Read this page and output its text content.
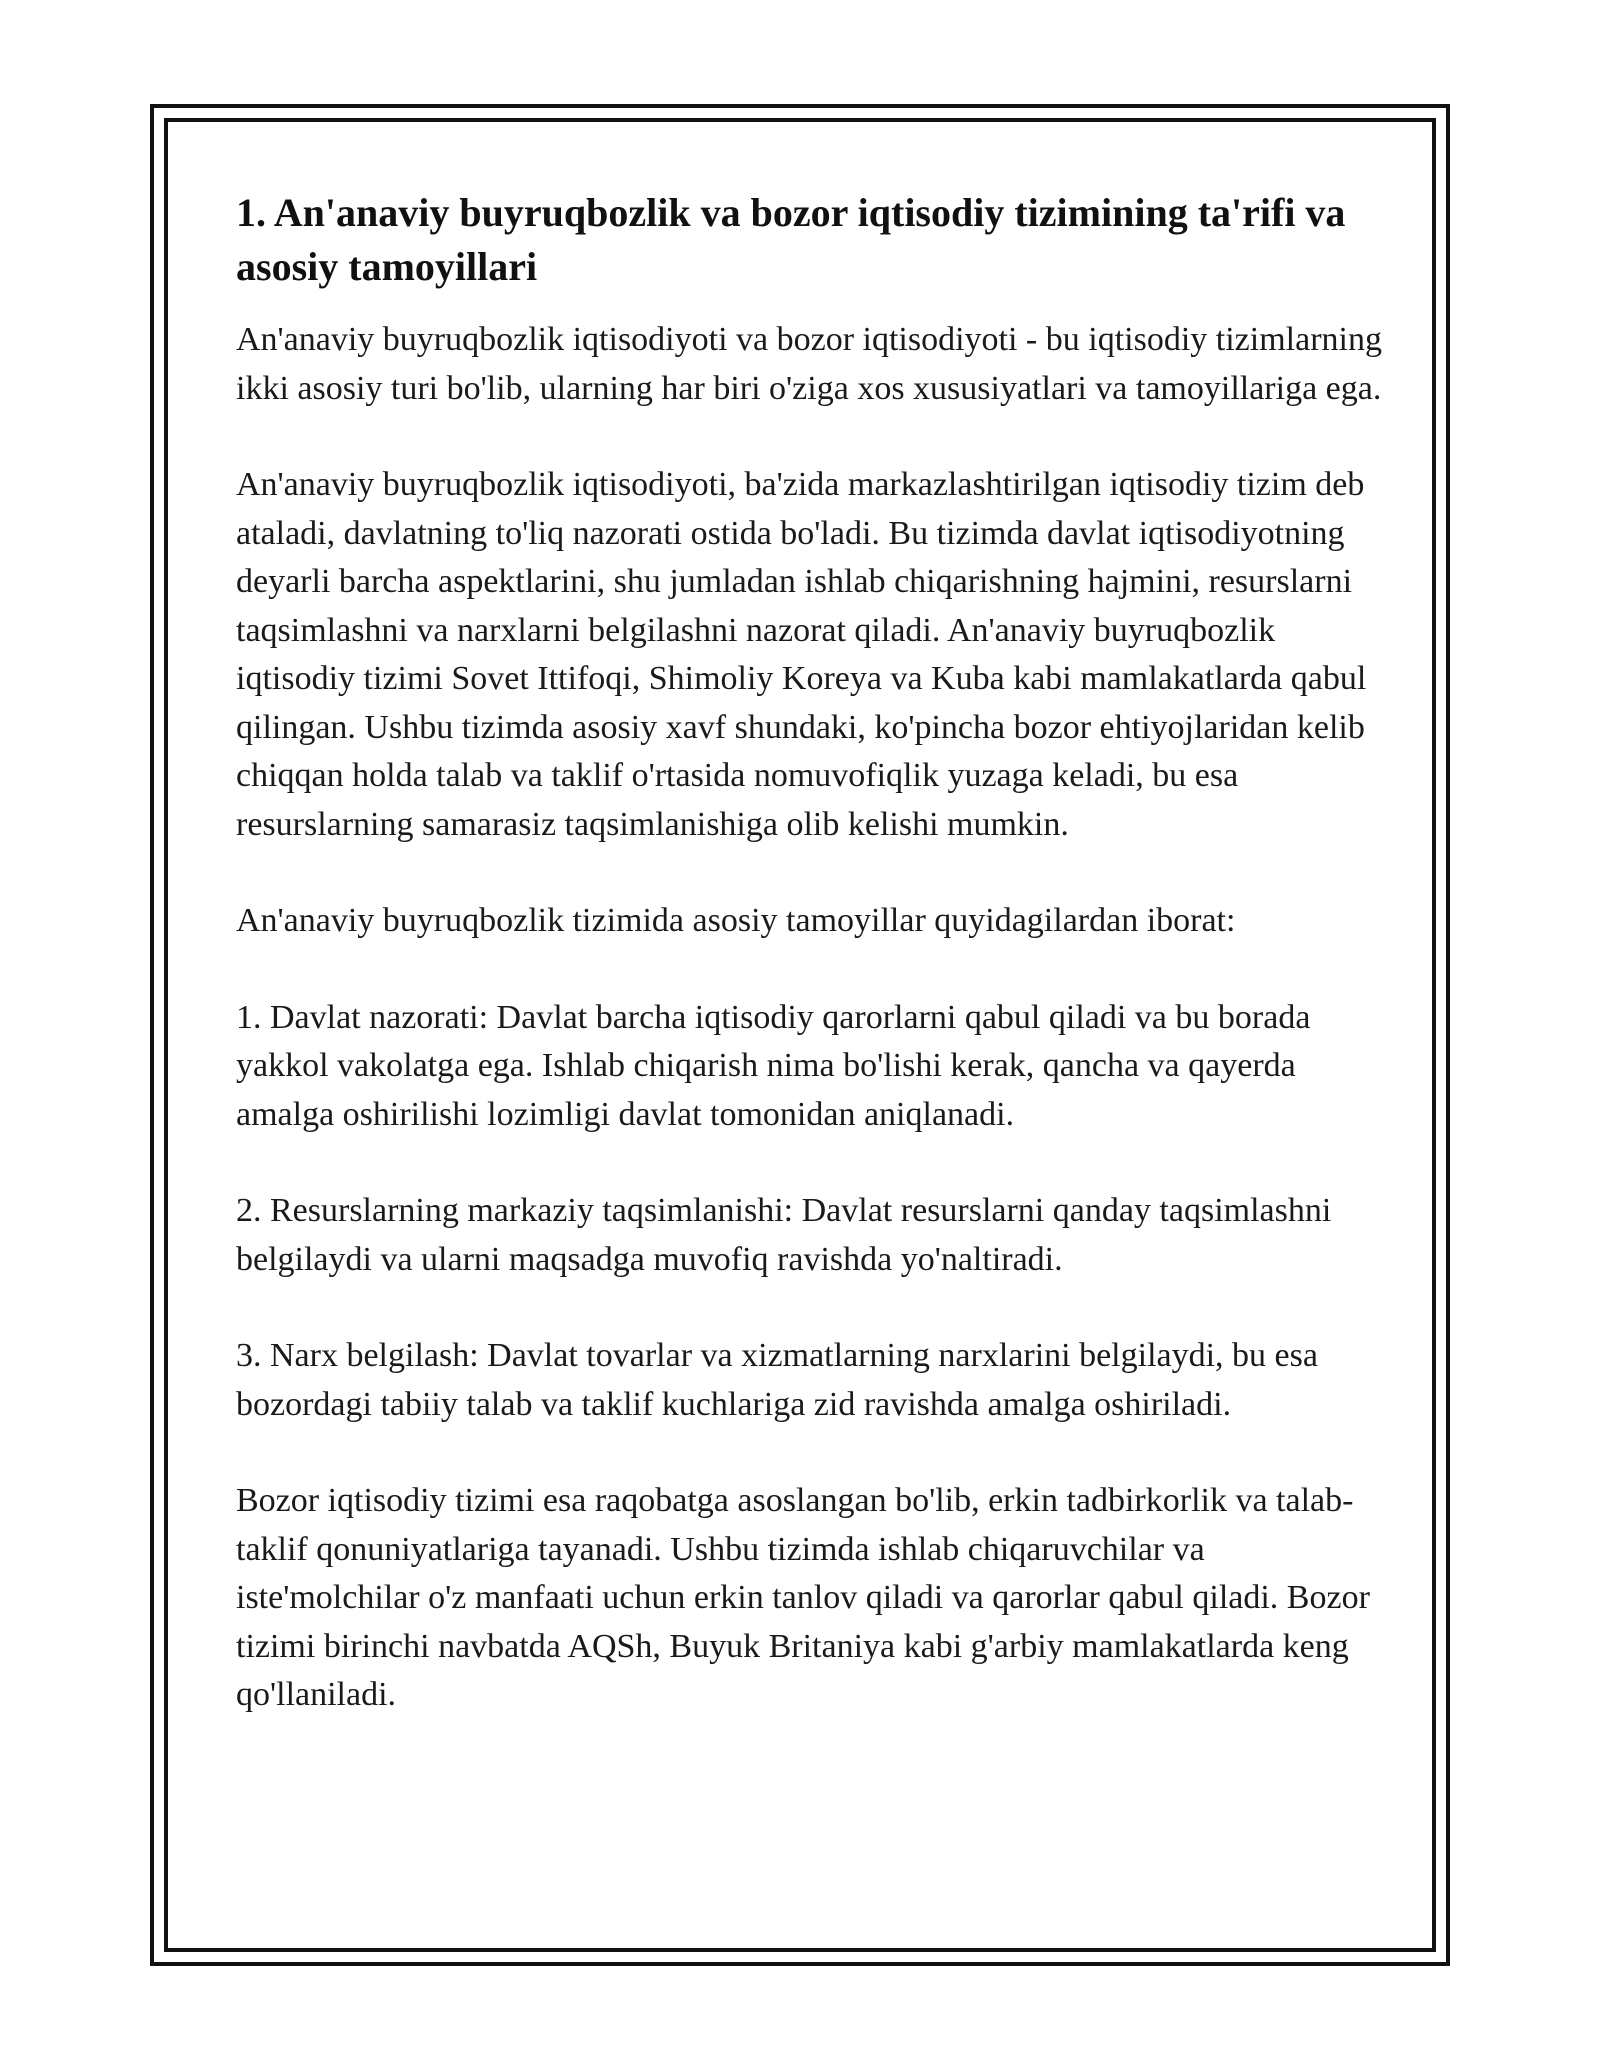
1. An'anaviy buyruqbozlik va bozor iqtisodiy tizimining ta'rifi va asosiy tamoyillari

An'anaviy buyruqbozlik iqtisodiyoti va bozor iqtisodiyoti - bu iqtisodiy tizimlarning ikki asosiy turi bo'lib, ularning har biri o'ziga xos xususiyatlari va tamoyillariga ega.

An'anaviy buyruqbozlik iqtisodiyoti, ba'zida markazlashtirilgan iqtisodiy tizim deb ataladi, davlatning to'liq nazorati ostida bo'ladi. Bu tizimda davlat iqtisodiyotning deyarli barcha aspektlarini, shu jumladan ishlab chiqarishning hajmini, resurslarni taqsimlashni va narxlarni belgilashni nazorat qiladi. An'anaviy buyruqbozlik iqtisodiy tizimi Sovet Ittifoqi, Shimoliy Koreya va Kuba kabi mamlakatlarda qabul qilingan. Ushbu tizimda asosiy xavf shundaki, ko'pincha bozor ehtiyojlaridan kelib chiqqan holda talab va taklif o'rtasida nomuvofiqlik yuzaga keladi, bu esa resurslarning samarasiz taqsimlanishiga olib kelishi mumkin.

An'anaviy buyruqbozlik tizimida asosiy tamoyillar quyidagilardan iborat:

1. Davlat nazorati: Davlat barcha iqtisodiy qarorlarni qabul qiladi va bu borada yakkol vakolatga ega. Ishlab chiqarish nima bo'lishi kerak, qancha va qayerda amalga oshirilishi lozimligi davlat tomonidan aniqlanadi.

2. Resurslarning markaziy taqsimlanishi: Davlat resurslarni qanday taqsimlashni belgilaydi va ularni maqsadga muvofiq ravishda yo'naltiradi.

3. Narx belgilash: Davlat tovarlar va xizmatlarning narxlarini belgilaydi, bu esa bozordagi tabiiy talab va taklif kuchlariga zid ravishda amalga oshiriladi.

Bozor iqtisodiy tizimi esa raqobatga asoslangan bo'lib, erkin tadbirkorlik va talab-taklif qonuniyatlariga tayanadi. Ushbu tizimda ishlab chiqaruvchilar va iste'molchilar o'z manfaati uchun erkin tanlov qiladi va qarorlar qabul qiladi. Bozor tizimi birinchi navbatda AQSh, Buyuk Britaniya kabi g'arbiy mamlakatlarda keng qo'llaniladi.
